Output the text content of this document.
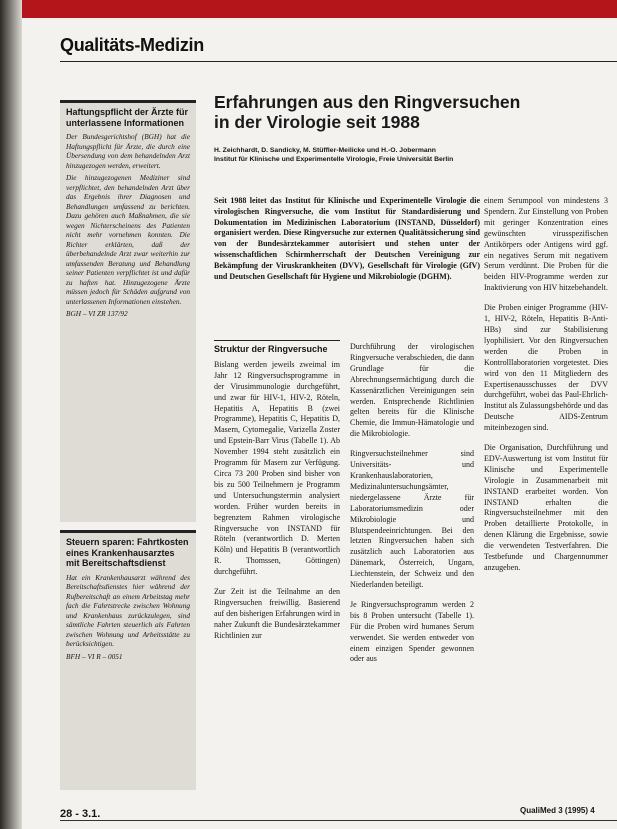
Qualitäts-Medizin
Haftungspflicht der Ärzte für unterlassene Informationen

Der Bundesgerichtshof (BGH) hat die Haftungspflicht für Ärzte, die durch eine Übersendung von dem behandelnden Arzt hinzugezogen werden, erweitert.

Die hinzugezogenen Mediziner sind verpflichtet, den behandelnden Arzt über das Ergebnis ihrer Diagnosen und Behandlungen umfassend zu berichten. Dazu gehören auch Maßnahmen, die sie wegen Nichterscheinens des Patienten nicht mehr vornehmen konnten. Die Richter erklärten, daß der überbehandelnde Arzt zwar weiterhin zur umfassenden Beratung und Behandlung seiner Patienten verpflichtet ist und dafür zu haften hat. Hinzugezogene Ärzte müssen jedoch für Schäden aufgrund von unterlassenen Informationen einstehen.

BGH – VI ZR 137/92
Steuern sparen: Fahrtkosten eines Krankenhausarztes mit Bereitschaftsdienst

Hat ein Krankenhausarzt während des Bereitschaftsdienstes hier während der Rufbereitschaft an einem Arbeitstag mehr fach die Fahrtstrecke zwischen Wohnung und Krankenhaus zurückzulegen, sind sämtliche Fahrten steuerlich als Fahrten zwischen Wohnung und Arbeitsstätte zu berücksichtigen.

BFH – VI R – 0051
Erfahrungen aus den Ringversuchen in der Virologie seit 1988
H. Zeichhardt, D. Sandicky, M. Stüffler-Meilicke und H.-O. Jobermann
Institut für Klinische und Experimentelle Virologie, Freie Universität Berlin
Seit 1988 leitet das Institut für Klinische und Experimentelle Virologie die virologischen Ringversuche, die vom Institut für Standardisierung und Dokumentation im Medizinischen Laboratorium (INSTAND, Düsseldorf) organisiert werden. Diese Ringversuche zur externen Qualitätssicherung sind von der Bundesärztekammer autorisiert und stehen unter der wissenschaftlichen Schirmherrschaft der Deutschen Vereinigung zur Bekämpfung der Viruskrankheiten (DVV), Gesellschaft für Virologie (GfV) und Deutschen Gesellschaft für Hygiene und Mikrobiologie (DGHM).
Struktur der Ringversuche

Bislang werden jeweils zweimal im Jahr 12 Ringversuchsprogramme in der Virusimmunologie durchgeführt, und zwar für HIV-1, HIV-2, Röteln, Hepatitis A, Hepatitis B (zwei Programme), Hepatitis C, Hepatitis D, Masern, Cytomegalie, Varizella Zoster und Epstein-Barr Virus (Tabelle 1). Ab November 1994 steht zusätzlich ein Programm für Masern zur Verfügung. Circa 73 200 Proben sind bisher von bis zu 500 Teilnehmern je Programm und Untersuchungstermin analysiert worden. Früher wurden bereits in begrenztem Rahmen virologische Ringversuche von INSTAND für Röteln (verantwortlich D. Merten Köln) und Hepatitis B (verantwortlich R. Thomssen, Göttingen) durchgeführt.

Zur Zeit ist die Teilnahme an den Ringversuchen freiwillig. Basierend auf den bisherigen Erfahrungen wird in naher Zukunft die Bundesärztekammer Richtlinien zur

Durchführung der virologischen Ringversuche verabschieden, die dann Grundlage für die Abrechnungsermächtigung durch die Kassenärztlichen Vereinigungen sein werden. Entsprechende Richtlinien gelten bereits für die Klinische Chemie, die Immun-Hämatologie und die Mikrobiologie.

Ringversuchsteilnehmer sind Universitäts- und Krankenhauslaboratorien, Medizinaluntersuchungsämter, niedergelassene Ärzte für Laboratoriumsmedizin oder Mikrobiologie und Blutspendeeinrichtungen. Bei den letzten Ringversuchen haben sich zusätzlich auch Laboratorien aus Dänemark, Österreich, Ungarn, Liechtenstein, der Schweiz und den Niederlanden beteiligt.

Je Ringversuchsprogramm werden 2 bis 8 Proben untersucht (Tabelle 1). Für die Proben wird humanes Serum verwendet. Sie werden entweder von einem einzigen Spender gewonnen oder aus

einem Serumpool von mindestens 3 Spendern. Zur Einstellung von Proben mit geringer Konzentration eines gewünschten virusspezifischen Antikörpers oder Antigens wird ggf. ein negatives Serum mit negativem Serum verdünnt. Die Proben für die beiden HIV-Programme werden zur Inaktivierung von HIV hitzebehandelt.

Die Proben einiger Programme (HIV-1, HIV-2, Röteln, Hepatitis B-Anti-HBs) sind zur Stabilisierung lyophilisiert. Vor den Ringversuchen werden die Proben in Kontrolllaboratorien vorgetestet. Dies wird von den 11 Mitgliedern des Expertisenausschusses der DVV durchgeführt, wobei das Paul-Ehrlich-Institut als Zulassungsbehörde und das Deutsche AIDS-Zentrum miteinbezogen sind.

Die Organisation, Durchführung und EDV-Auswertung ist vom Institut für Klinische und Experimentelle Virologie in Zusammenarbeit mit INSTAND erarbeitet worden. Von INSTAND erhalten die Ringversuchsteilnehmer mit den Proben detaillierte Protokolle, in denen Klärung die Ergebnisse, sowie die verwendeten Testverfahren. Die Testbefunde und Chargennummer anzugeben.

28 - 3.1.	QualiMed 3 (1995) 4
